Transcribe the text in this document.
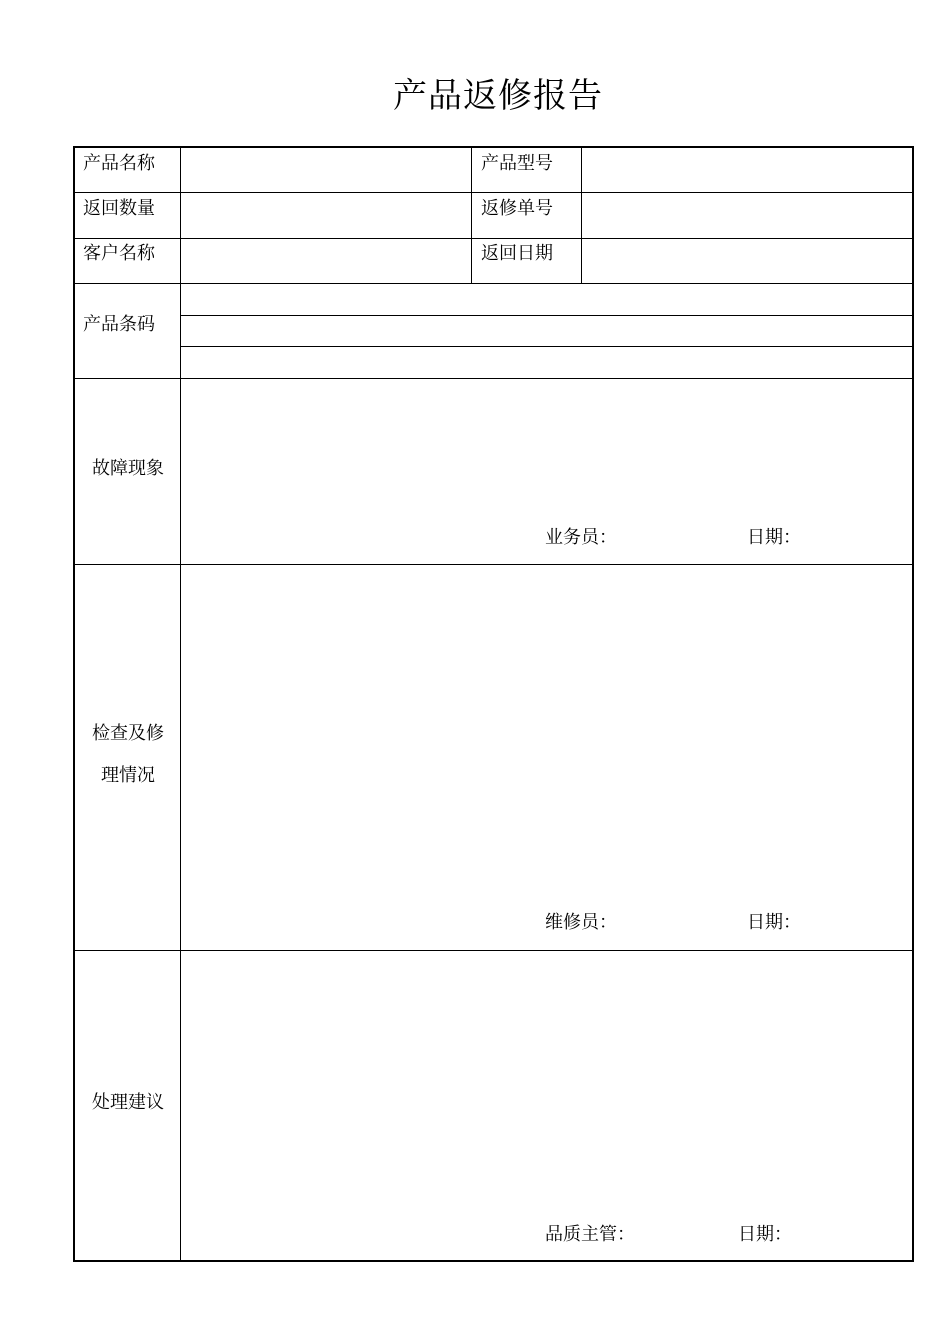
产品返修报告
产品名称	产品型号
返回数量	返修单号
客户名称	返回日期
产品条码
故障现象
业务员：	日期：
检查及修
理情况
维修员：	日期：
处理建议
品质主管：	日期：
